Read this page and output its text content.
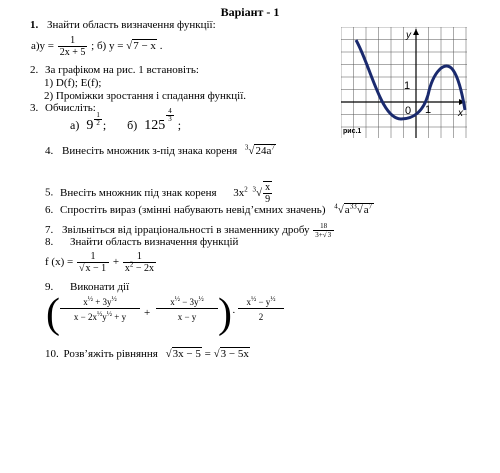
Варіант - 1
1. Знайти область визначення функції:
$а)y = \frac{1}{2x + 5}$ ; б) y = √7 − x .
2. За графіком на рис. 1 встановіть:
1) D(f); E(f);
2) Проміжки зростання і спадання функції.
3. Обчисліть:
а) $9 \frac{1}{2}$ ; б) 125
$\frac{4}{3}$
;
4. Винесіть множник з-під знака кореня $^3√24a^7$
5. Внесіть множник під знак кореня $3x^2$ $^3√ \frac{x}{9}$
6. Спростіть вираз (змінні набувають невід’ємних значень) $^4√a^{33}√a^7$
7. Звільніться від ірраціональності в знаменнику дробу $\frac{18}{3+√3}$
8. Знайти область визначення функцій
f $(x) = \frac{1}{√x - 1} + \frac{1}{x^2 - 2x}$
9. Виконати дії
( $\frac{x^{\frac{1}{2}} + 3y^{\frac{1}{2}}}{x - 2x^{\frac{1}{2}}y^{\frac{1}{2}} + y} + \frac{x^{\frac{1}{2}} - 3y^{\frac{1}{2}}}{x - y}$ ) · $\frac{x^{\frac{1}{2}} - y^{\frac{1}{2}}}{2}$
10. Розв’яжіть рівняння √3x − 5 = √3 − 5x
y
x
0 1
1
рис.1
